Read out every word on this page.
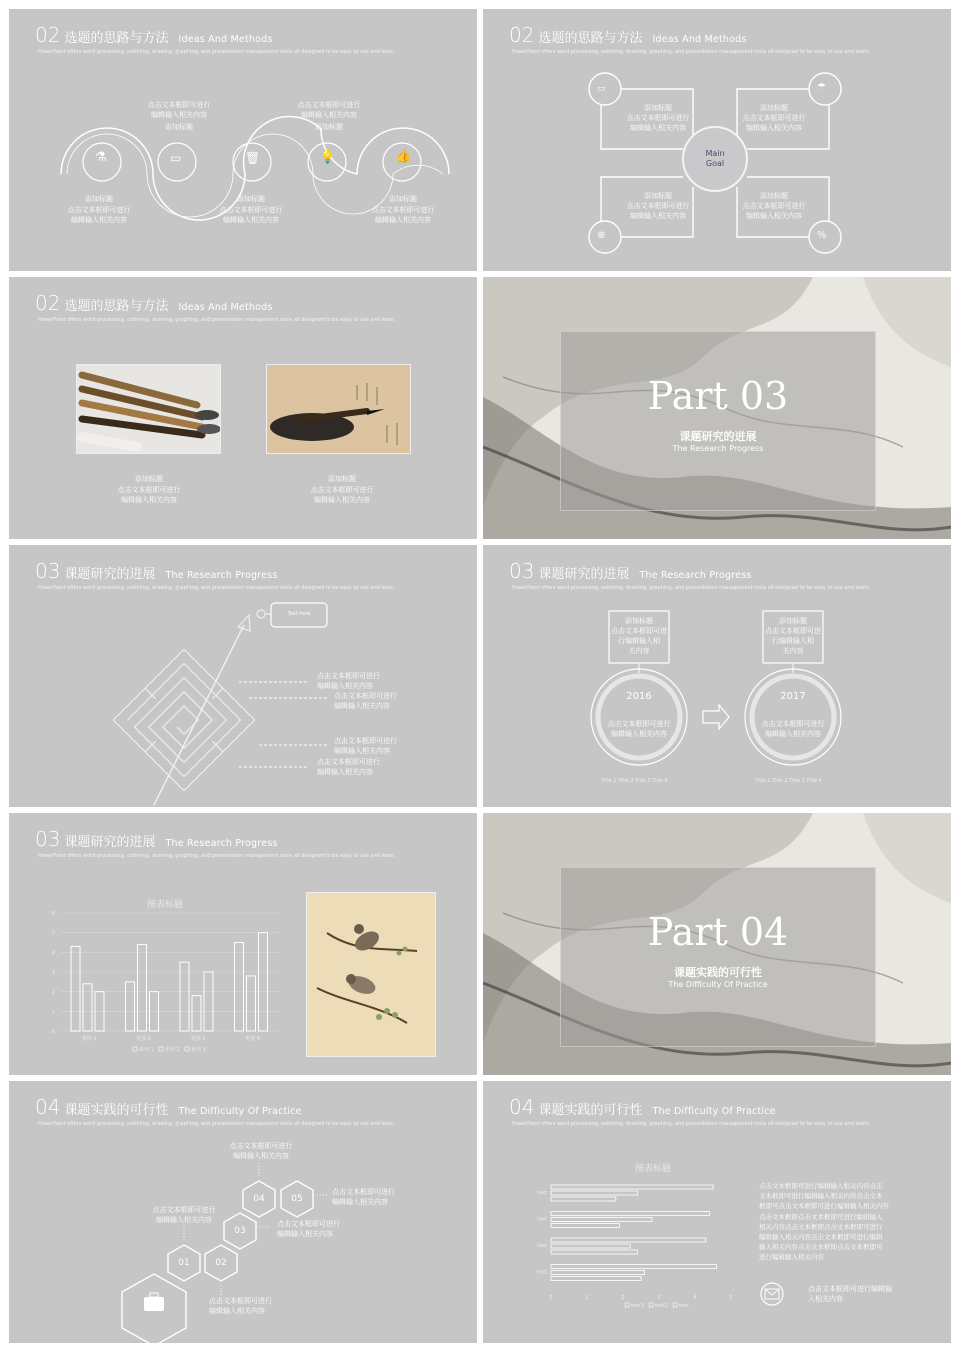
02 选题的思路与方法 Ideas And Methods
PowerPoint offers word processing, outlining, drawing, graphing, and presentation management tools all designed to be easy to use and learn.
⚗	▭	🗑	💡	👍
点击文本框即可进行
编辑输入相关内容
添加标题
点击文本框即可进行
编辑输入相关内容
添加标题
添加标题
点击文本框即可进行
编辑输入相关内容
添加标题
点击文本框即可进行
编辑输入相关内容
添加标题
点击文本框即可进行
编辑输入相关内容
02 选题的思路与方法 Ideas And Methods
PowerPoint offers word processing, outlining, drawing, graphing, and presentation management tools all designed to be easy to use and learn.
Main
Goal
▭	☂
⊕	%
添加标题
点击文本框即可进行
编辑输入相关内容
添加标题
点击文本框即可进行
编辑输入相关内容
添加标题
点击文本框即可进行
编辑输入相关内容
添加标题
点击文本框即可进行
编辑输入相关内容
02 选题的思路与方法 Ideas And Methods
PowerPoint offers word processing, outlining, drawing, graphing, and presentation management tools all designed to be easy to use and learn.
添加标题
点击文本框即可进行
编辑输入相关内容
添加标题
点击文本框即可进行
编辑输入相关内容
Part 03
课题研究的进展
The Research Progress
03 课题研究的进展 The Research Progress
PowerPoint offers word processing, outlining, drawing, graphing, and presentation management tools all designed to be easy to use and learn.
Text here
点击文本框即可进行
编辑输入相关内容
点击文本框即可进行
编辑输入相关内容
点击文本框即可进行
编辑输入相关内容
点击文本框即可进行
编辑输入相关内容
03 课题研究的进展 The Research Progress
PowerPoint offers word processing, outlining, drawing, graphing, and presentation management tools all designed to be easy to use and learn.
添加标题
点击文本框即可进
行编辑输入相
关内容
添加标题
点击文本框即可进
行编辑输入相
关内容
2016	2017
点击文本框即可进行
编辑输入相关内容
点击文本框即可进行
编辑输入相关内容
Title 1 Title 2 Title 3 Title 4	Title 1 Title 2 Title 3 Title 4
03 课题研究的进展 The Research Progress
PowerPoint offers word processing, outlining, drawing, graphing, and presentation management tools all designed to be easy to use and learn.
图表标题
0
1
2
3
4
5
6
类别 1	类别 2	类别 3	类别 4
系列 1 系列 2 系列 3
Part 04
课题实践的可行性
The Difficulty Of Practice
04 课题实践的可行性 The Difficulty Of Practice
PowerPoint offers word processing, outlining, drawing, graphing, and presentation management tools all designed to be easy to use and learn.
01	02
03
04	05
点击文本框即可进行
编辑输入相关内容
点击文本框即可进行
编辑输入相关内容
点击文本框即可进行
编辑输入相关内容	点击文本框即可进行
编辑输入相关内容
点击文本框即可进行
编辑输入相关内容
04 课题实践的可行性 The Difficulty Of Practice
PowerPoint offers word processing, outlining, drawing, graphing, and presentation management tools all designed to be easy to use and learn.
图表标题
0	1	2	3	4	5
text
text
text
text
text3 text2 text
点击文本框即可进行编辑输入相关内容点击
文本框即可进行编辑输入相关内容点击文本
框即可点击文本框即可进行编辑输入相关内容
点击文本框即点击文本框即可进行编辑输入
相关内容点击文本框即点击文本框即可进行
编辑输入相关内容点击文本框即可进行编辑
输入相关内容点击文本框即点击文本框即可
进行编辑输入相关内容
点击文本框即可进行编辑输
入相关内容
